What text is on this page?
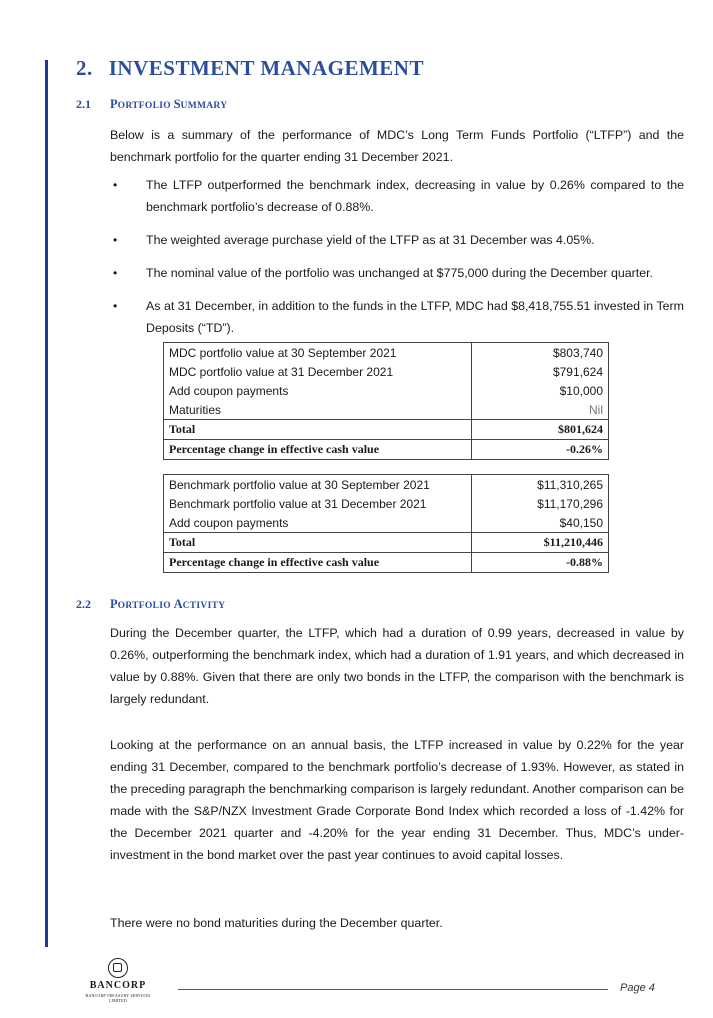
2. INVESTMENT MANAGEMENT
2.1 PORTFOLIO SUMMARY

Below is a summary of the performance of MDC’s Long Term Funds Portfolio (“LTFP”) and the benchmark portfolio for the quarter ending 31 December 2021.

• The LTFP outperformed the benchmark index, decreasing in value by 0.26% compared to the benchmark portfolio’s decrease of 0.88%.
• The weighted average purchase yield of the LTFP as at 31 December was 4.05%.
• The nominal value of the portfolio was unchanged at $775,000 during the December quarter.
• As at 31 December, in addition to the funds in the LTFP, MDC had $8,418,755.51 invested in Term Deposits (“TD”).
MDC portfolio value at 30 September 2021	$803,740
MDC portfolio value at 31 December 2021	$791,624
Add coupon payments	$10,000
Maturities	Nil
Total	$801,624
Percentage change in effective cash value	-0.26%
Benchmark portfolio value at 30 September 2021	$11,310,265
Benchmark portfolio value at 31 December 2021	$11,170,296
Add coupon payments	$40,150
Total	$11,210,446
Percentage change in effective cash value	-0.88%
2.2 PORTFOLIO ACTIVITY

During the December quarter, the LTFP, which had a duration of 0.99 years, decreased in value by 0.26%, outperforming the benchmark index, which had a duration of 1.91 years, and which decreased in value by 0.88%. Given that there are only two bonds in the LTFP, the comparison with the benchmark is largely redundant.

Looking at the performance on an annual basis, the LTFP increased in value by 0.22% for the year ending 31 December, compared to the benchmark portfolio’s decrease of 1.93%. However, as stated in the preceding paragraph the benchmarking comparison is largely redundant. Another comparison can be made with the S&P/NZX Investment Grade Corporate Bond Index which recorded a loss of -1.42% for the December 2021 quarter and -4.20% for the year ending 31 December. Thus, MDC’s under-investment in the bond market over the past year continues to avoid capital losses.

There were no bond maturities during the December quarter.

BANCORP
BANCORP TREASURY SERVICES LIMITED
Page 4
